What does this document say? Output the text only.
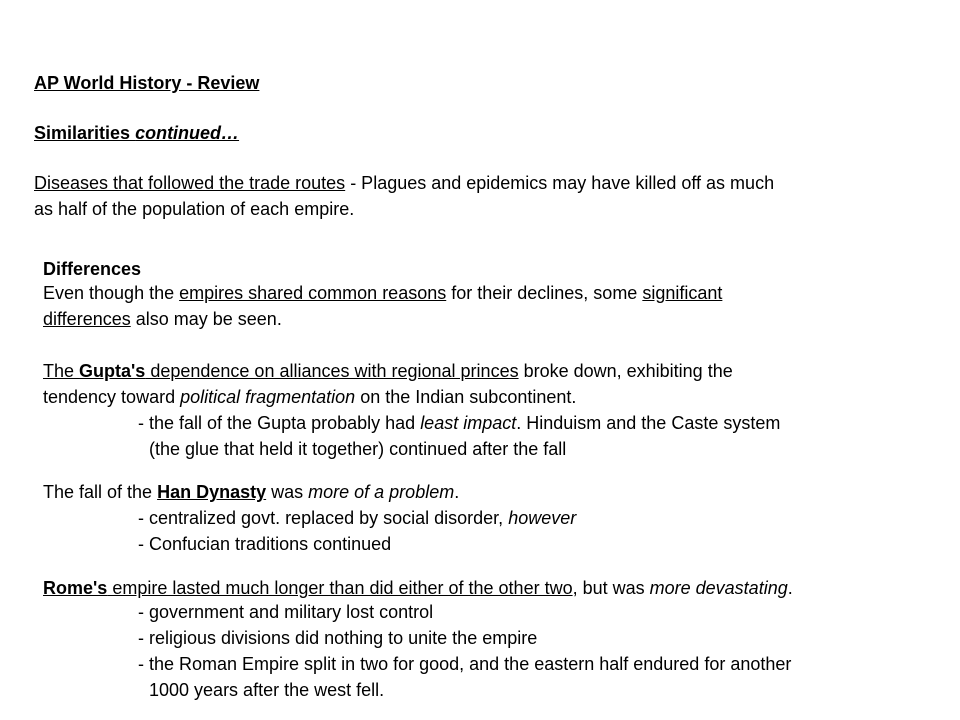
AP World History - Review
Similarities continued…
Diseases that followed the trade routes - Plagues and epidemics may have killed off as much
as half of the population of each empire.
Differences
Even though the empires shared common reasons for their declines, some significant
differences also may be seen.
The Gupta's dependence on alliances with regional princes broke down, exhibiting the
tendency toward political fragmentation on the Indian subcontinent.
- the fall of the Gupta probably had least impact. Hinduism and the Caste system
(the glue that held it together) continued after the fall
The fall of the Han Dynasty was more of a problem.
- centralized govt. replaced by social disorder, however
- Confucian traditions continued
Rome's empire lasted much longer than did either of the other two, but was more devastating.
- government and military lost control
- religious divisions did nothing to unite the empire
- the Roman Empire split in two for good, and the eastern half endured for another
1000 years after the west fell.
